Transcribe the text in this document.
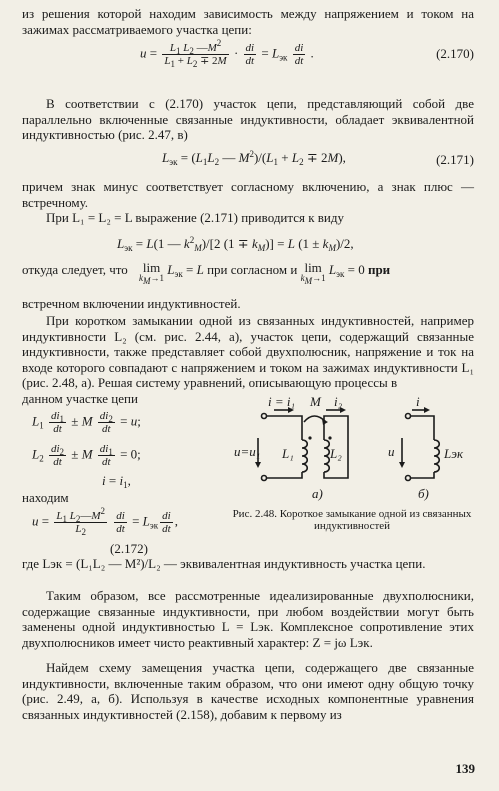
из решения которой находим зависимость между напряжением и током на зажимах рассматриваемого участка цепи:
$u = \frac{L_1 L_2 —M^2}{L_1 + L_2 \mp 2M} \cdot \frac{di}{dt} = L_{эк} \frac{di}{dt}$ .	(2.170)
В соответствии с (2.170) участок цепи, представляющий собой две параллельно включенные связанные индуктивности, обладает эквивалентной индуктивностью (рис. 2.47, в)
$L_{эк} = (L_1L_2$ — $M^2)/(L_1 + L_2 \mp 2M)$,	(2.171)
причем знак минус соответствует согласному включению, а знак плюс — встречному.
При L₁ = L₂ = L выражение (2.171) приводится к виду
$L_{эк} = L(1$ — $k^2_M)/[2$ $(1 \mp k_M)] = L$ $(1 \pm k_M)/2$,
откуда следует, что lim
$k_M\to 1$
$L_{эк} = L$ при согласном и lim
$k_M\to 1$
$L_{эк} = 0$ при
встречном включении индуктивностей.
При коротком замыкании одной из связанных индуктивностей, например индуктивности L₂ (см. рис. 2.44, а), участок цепи, содержащий связанные индуктивности, также представляет собой двухполюсник, напряжение и ток на входе которого совпадают с напряжением и током на зажимах индуктивности L₁ (рис. 2.48, а). Решая систему уравнений, описывающую процессы в
данном участке цепи
$L_1 \frac{di_1}{dt} \pm M \frac{di_2}{dt} = u$;
$L_2 \frac{di_2}{dt} \pm M \frac{di_1}{dt} = 0$;
$i = i_1$,
находим
$u = \frac{L_1 L_2—M^2}{L_2}$
$\frac{di}{dt} = L_{эк} \frac{di}{dt}$ ,
(2.172)
i = i₁ M i₂
u=u₁ L₁	L₂
а)
i
u	Lэк
б)
Рис. 2.48. Короткое замыкание одной из связанных индуктивностей
где Lэк = (L₁L₂ — M²)/L₂ — эквивалентная индуктивность участка цепи.
Таким образом, все рассмотренные идеализированные двухполюсники, содержащие связанные индуктивности, при любом воздействии могут быть заменены одной индуктивностью L = Lэк. Комплексное сопротивление этих двухполюсников имеет чисто реактивный характер: Z = jω Lэк.
Найдем схему замещения участка цепи, содержащего две связанные индуктивности, включенные таким образом, что они имеют одну общую точку (рис. 2.49, а, б). Используя в качестве исходных компонентные уравнения связанных индуктивностей (2.158), добавим к первому из
139
